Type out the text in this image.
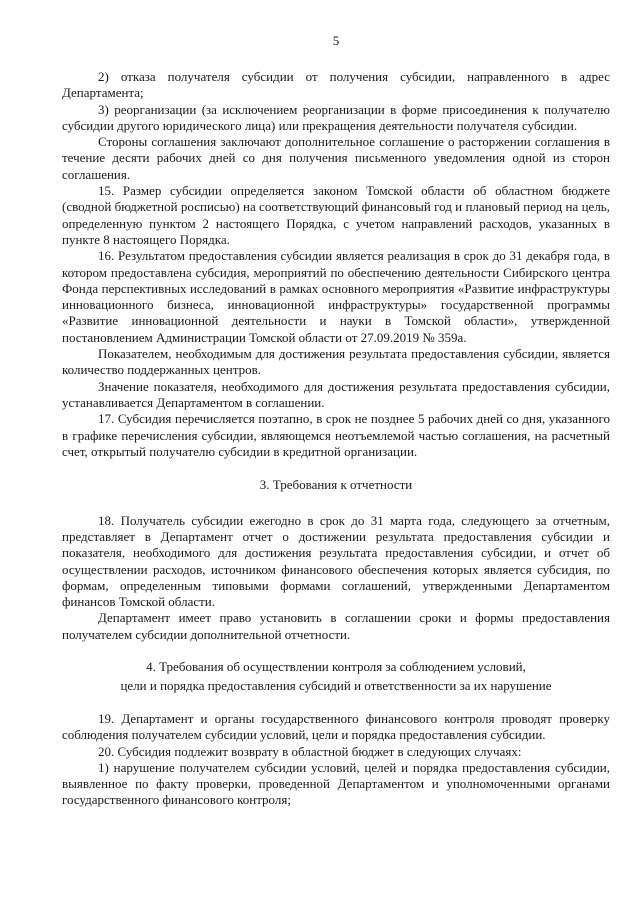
5

2) отказа получателя субсидии от получения субсидии, направленного в адрес Департамента;

3) реорганизации (за исключением реорганизации в форме присоединения к получателю субсидии другого юридического лица) или прекращения деятельности получателя субсидии.

Стороны соглашения заключают дополнительное соглашение о расторжении соглашения в течение десяти рабочих дней со дня получения письменного уведомления одной из сторон соглашения.

15. Размер субсидии определяется законом Томской области об областном бюджете (сводной бюджетной росписью) на соответствующий финансовый год и плановый период на цель, определенную пунктом 2 настоящего Порядка, с учетом направлений расходов, указанных в пункте 8 настоящего Порядка.

16. Результатом предоставления субсидии является реализация в срок до 31 декабря года, в котором предоставлена субсидия, мероприятий по обеспечению деятельности Сибирского центра Фонда перспективных исследований в рамках основного мероприятия «Развитие инфраструктуры инновационного бизнеса, инновационной инфраструктуры» государственной программы «Развитие инновационной деятельности и науки в Томской области», утвержденной постановлением Администрации Томской области от 27.09.2019 № 359а.

Показателем, необходимым для достижения результата предоставления субсидии, является количество поддержанных центров.

Значение показателя, необходимого для достижения результата предоставления субсидии, устанавливается Департаментом в соглашении.

17. Субсидия перечисляется поэтапно, в срок не позднее 5 рабочих дней со дня, указанного в графике перечисления субсидии, являющемся неотъемлемой частью соглашения, на расчетный счет, открытый получателю субсидии в кредитной организации.

3. Требования к отчетности

18. Получатель субсидии ежегодно в срок до 31 марта года, следующего за отчетным, представляет в Департамент отчет о достижении результата предоставления субсидии и показателя, необходимого для достижения результата предоставления субсидии, и отчет об осуществлении расходов, источником финансового обеспечения которых является субсидия, по формам, определенным типовыми формами соглашений, утвержденными Департаментом финансов Томской области.

Департамент имеет право установить в соглашении сроки и формы предоставления получателем субсидии дополнительной отчетности.

4. Требования об осуществлении контроля за соблюдением условий,
цели и порядка предоставления субсидий и ответственности за их нарушение

19. Департамент и органы государственного финансового контроля проводят проверку соблюдения получателем субсидии условий, цели и порядка предоставления субсидии.

20. Субсидия подлежит возврату в областной бюджет в следующих случаях:

1) нарушение получателем субсидии условий, целей и порядка предоставления субсидии, выявленное по факту проверки, проведенной Департаментом и уполномоченными органами государственного финансового контроля;
